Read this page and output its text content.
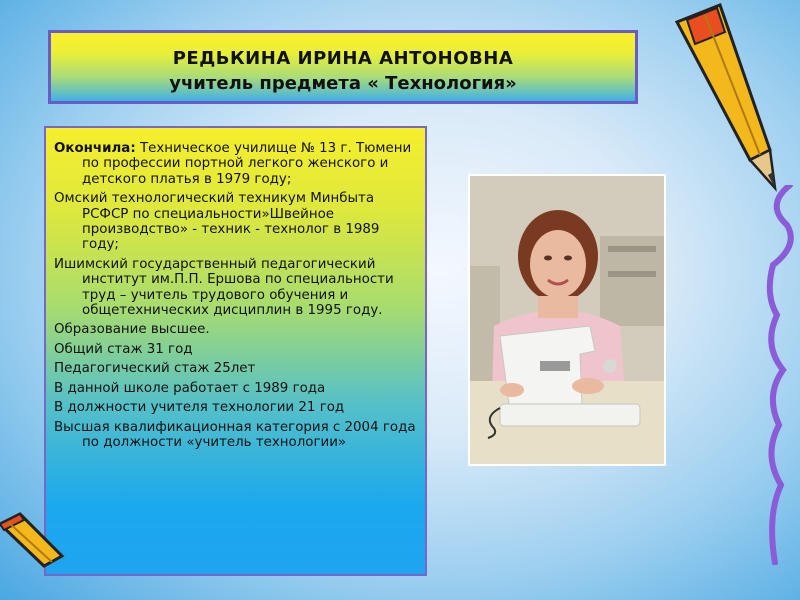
РЕДЬКИНА ИРИНА АНТОНОВНА
учитель предмета « Технология»
Окончила: Техническое училище № 13 г. Тюмени по профессии портной легкого женского и детского платья в 1979 году;
Омский технологический техникум Минбыта РСФСР по специальности»Швейное производство» - техник - технолог в 1989 году;
Ишимский государственный педагогический институт им.П.П. Ершова по специальности труд – учитель трудового обучения и общетехнических дисциплин в 1995 году.
Образование высшее.
Общий стаж 31 год
Педагогический стаж 25лет
В данной школе работает с 1989 года
В должности учителя технологии 21 год
Высшая квалификационная категория с 2004 года по должности «учитель технологии»
